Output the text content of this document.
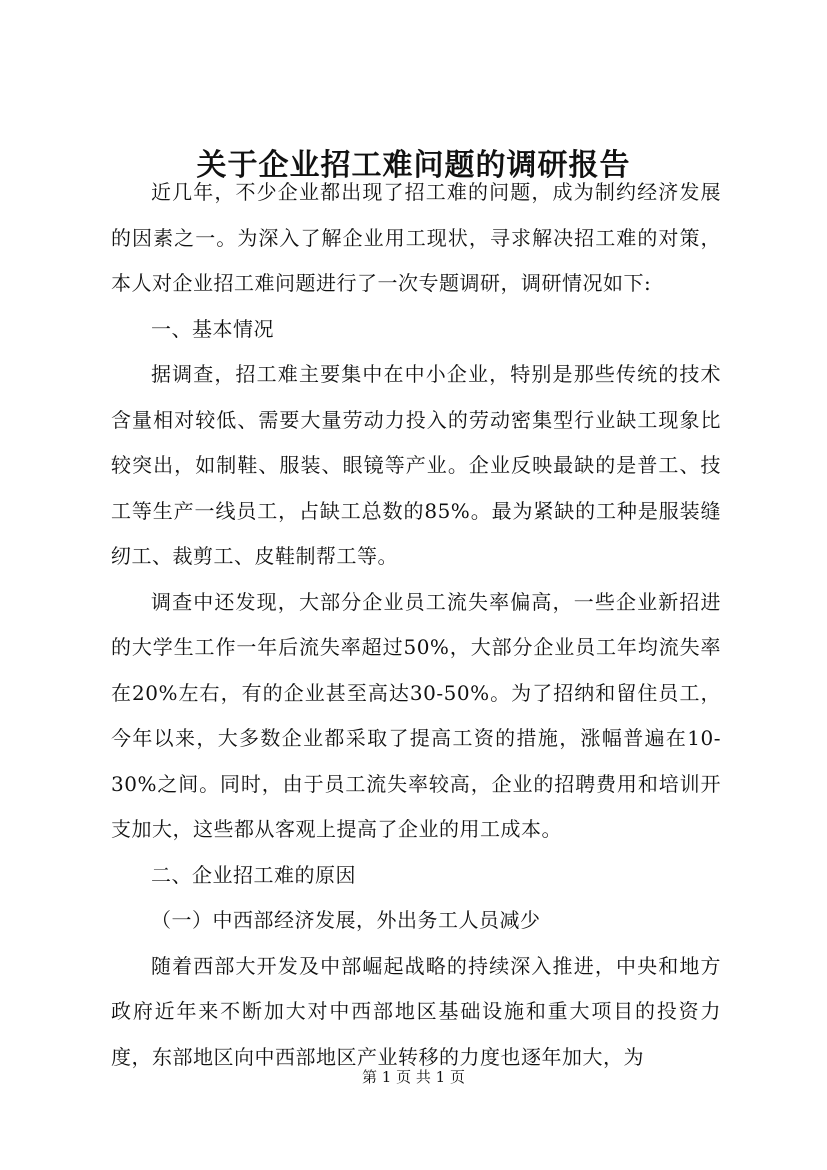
关于企业招工难问题的调研报告

近几年，不少企业都出现了招工难的问题，成为制约经济发展的因素之一。为深入了解企业用工现状，寻求解决招工难的对策，本人对企业招工难问题进行了一次专题调研，调研情况如下:

一、基本情况

据调查，招工难主要集中在中小企业，特别是那些传统的技术含量相对较低、需要大量劳动力投入的劳动密集型行业缺工现象比较突出，如制鞋、服装、眼镜等产业。企业反映最缺的是普工、技工等生产一线员工，占缺工总数的85%。最为紧缺的工种是服装缝纫工、裁剪工、皮鞋制帮工等。

调查中还发现，大部分企业员工流失率偏高，一些企业新招进的大学生工作一年后流失率超过50%，大部分企业员工年均流失率在20%左右，有的企业甚至高达30-50%。为了招纳和留住员工，今年以来，大多数企业都采取了提高工资的措施，涨幅普遍在10-30%之间。同时，由于员工流失率较高，企业的招聘费用和培训开支加大，这些都从客观上提高了企业的用工成本。

二、企业招工难的原因

（一）中西部经济发展，外出务工人员减少

随着西部大开发及中部崛起战略的持续深入推进，中央和地方政府近年来不断加大对中西部地区基础设施和重大项目的投资力度，东部地区向中西部地区产业转移的力度也逐年加大，为

第 1 页 共 1 页
